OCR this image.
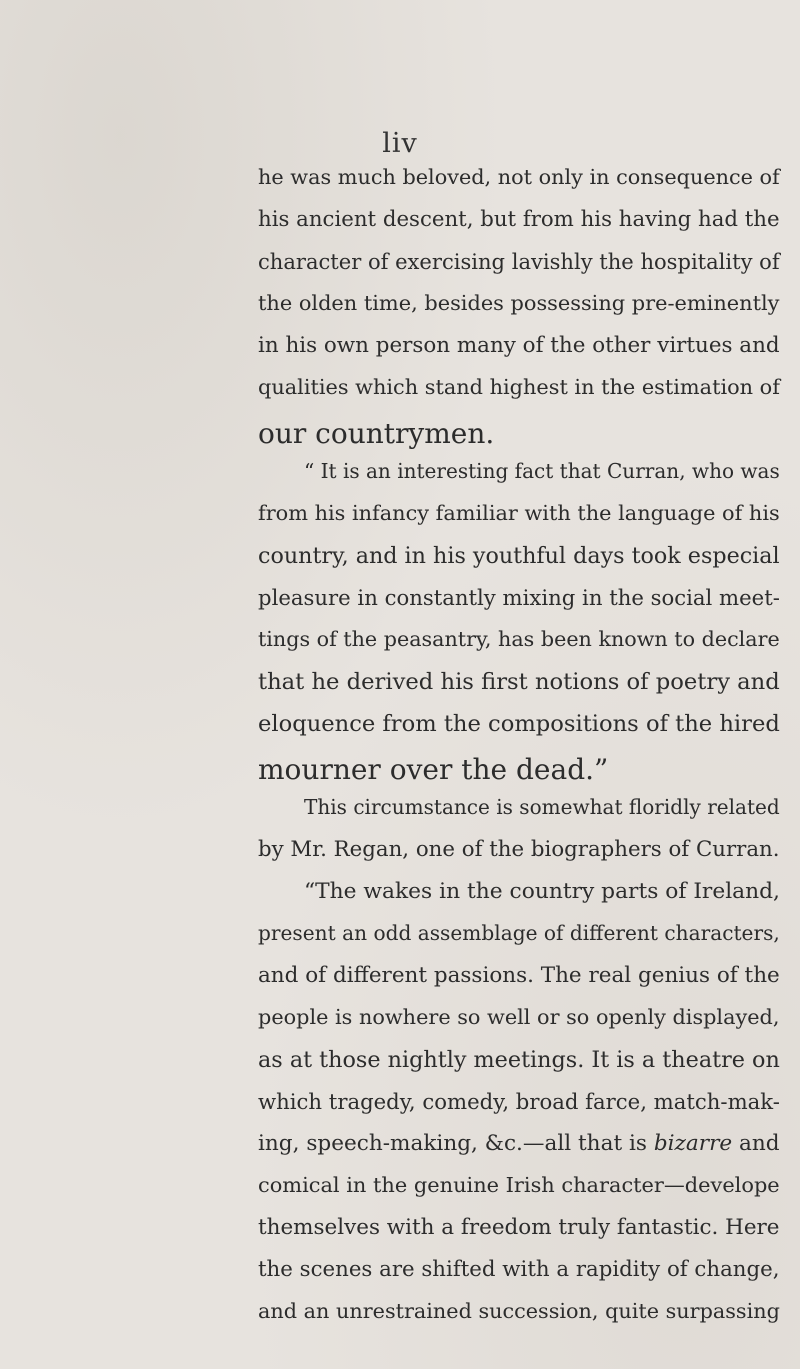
liv
he was much beloved, not only in consequence of
his ancient descent, but from his having had the
character of exercising lavishly the hospitality of
the olden time, besides possessing pre-eminently
in his own person many of the other virtues and
qualities which stand highest in the estimation of
our countrymen.
“ It is an interesting fact that Curran, who was
from his infancy familiar with the language of his
country, and in his youthful days took especial
pleasure in constantly mixing in the social meet-
tings of the peasantry, has been known to declare
that he derived his first notions of poetry and
eloquence from the compositions of the hired
mourner over the dead.”
This circumstance is somewhat floridly related
by Mr. Regan, one of the biographers of Curran.
“The wakes in the country parts of Ireland,
present an odd assemblage of different characters,
and of different passions. The real genius of the
people is nowhere so well or so openly displayed,
as at those nightly meetings. It is a theatre on
which tragedy, comedy, broad farce, match-mak-
ing, speech-making, &c.—all that is bizarre and
comical in the genuine Irish character—develope
themselves with a freedom truly fantastic. Here
the scenes are shifted with a rapidity of change,
and an unrestrained succession, quite surpassing
